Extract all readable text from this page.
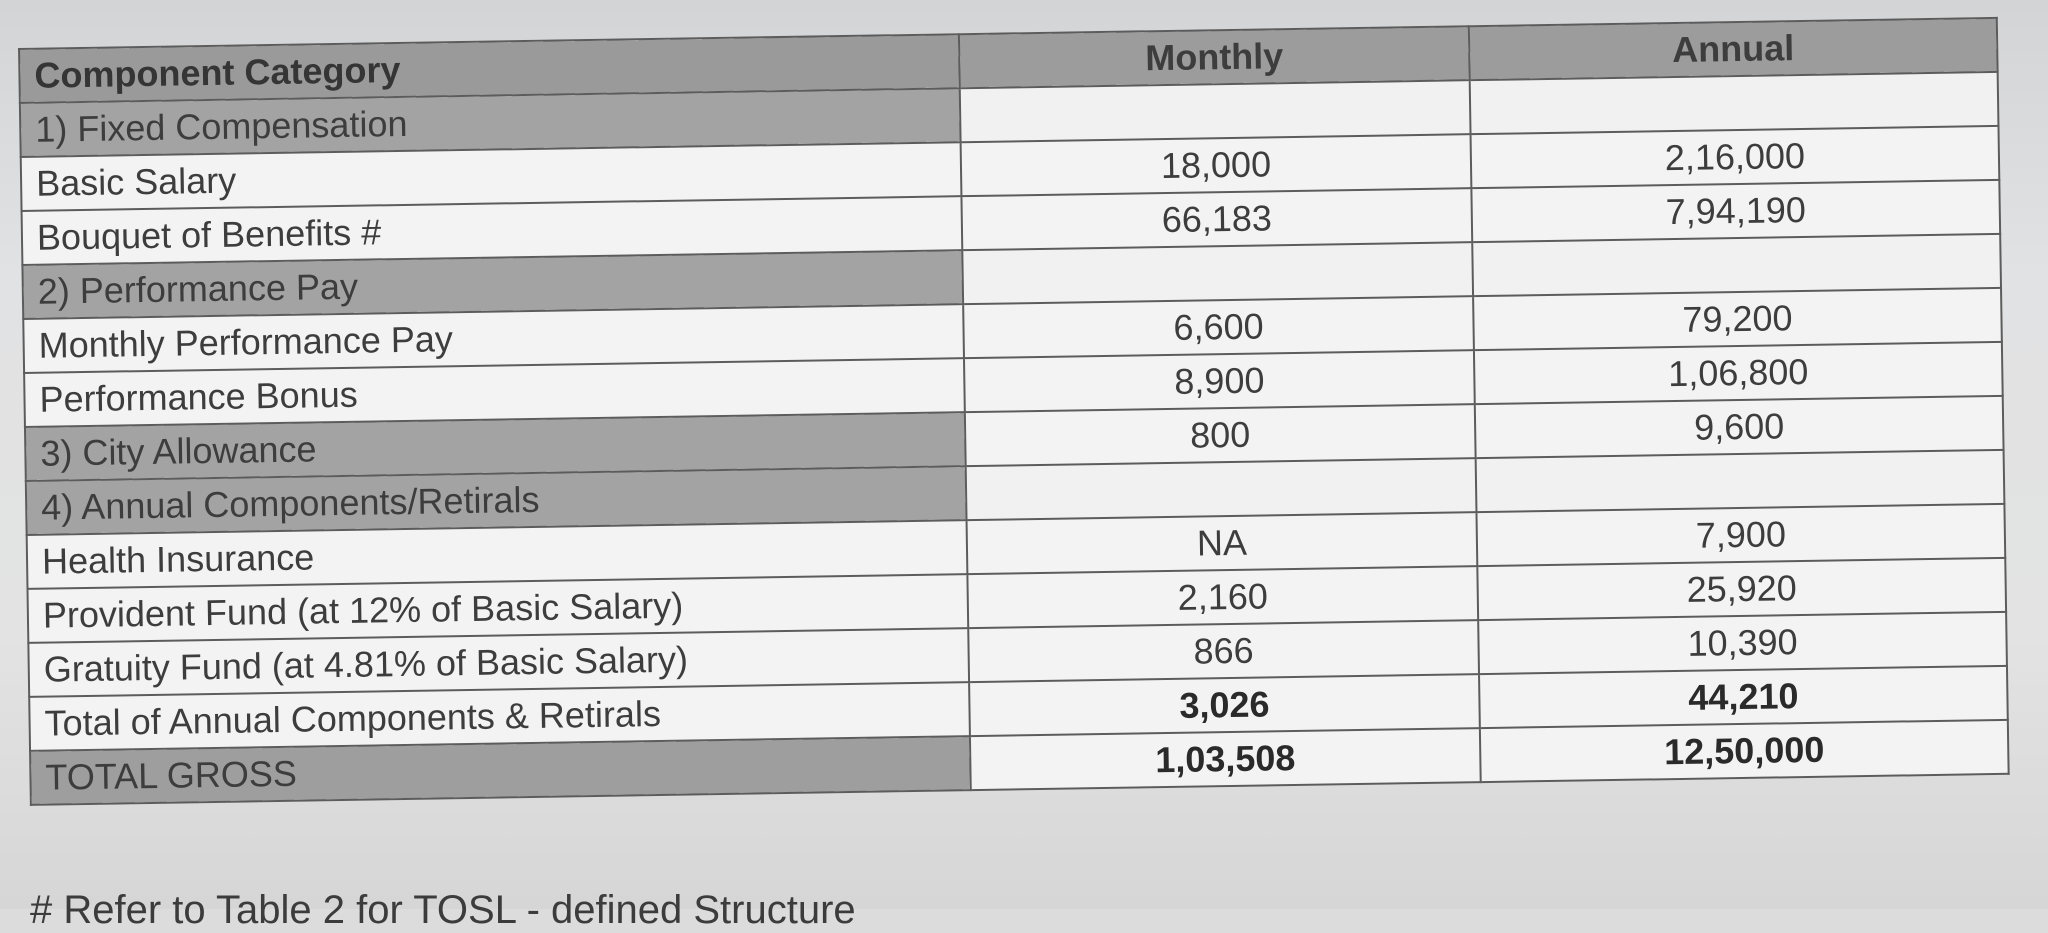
Component Category	Monthly	Annual
1) Fixed Compensation		
Basic Salary	18,000	2,16,000
Bouquet of Benefits #	66,183	7,94,190
2) Performance Pay		
Monthly Performance Pay	6,600	79,200
Performance Bonus	8,900	1,06,800
3) City Allowance	800	9,600
4) Annual Components/Retirals		
Health Insurance	NA	7,900
Provident Fund (at 12% of Basic Salary)	2,160	25,920
Gratuity Fund (at 4.81% of Basic Salary)	866	10,390
Total of Annual Components & Retirals	3,026	44,210
TOTAL GROSS	1,03,508	12,50,000
# Refer to Table 2 for TOSL - defined Structure
